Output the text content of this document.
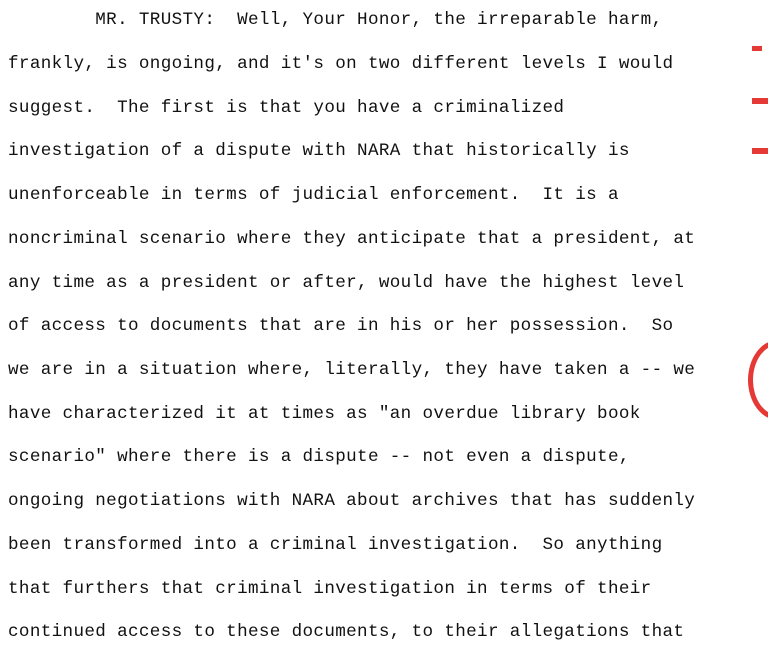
MR. TRUSTY:  Well, Your Honor, the irreparable harm,
frankly, is ongoing, and it's on two different levels I would
suggest.  The first is that you have a criminalized
investigation of a dispute with NARA that historically is
unenforceable in terms of judicial enforcement.  It is a
noncriminal scenario where they anticipate that a president, at
any time as a president or after, would have the highest level
of access to documents that are in his or her possession.  So
we are in a situation where, literally, they have taken a -- we
have characterized it at times as "an overdue library book
scenario" where there is a dispute -- not even a dispute,
ongoing negotiations with NARA about archives that has suddenly
been transformed into a criminal investigation.  So anything
that furthers that criminal investigation in terms of their
continued access to these documents, to their allegations that
